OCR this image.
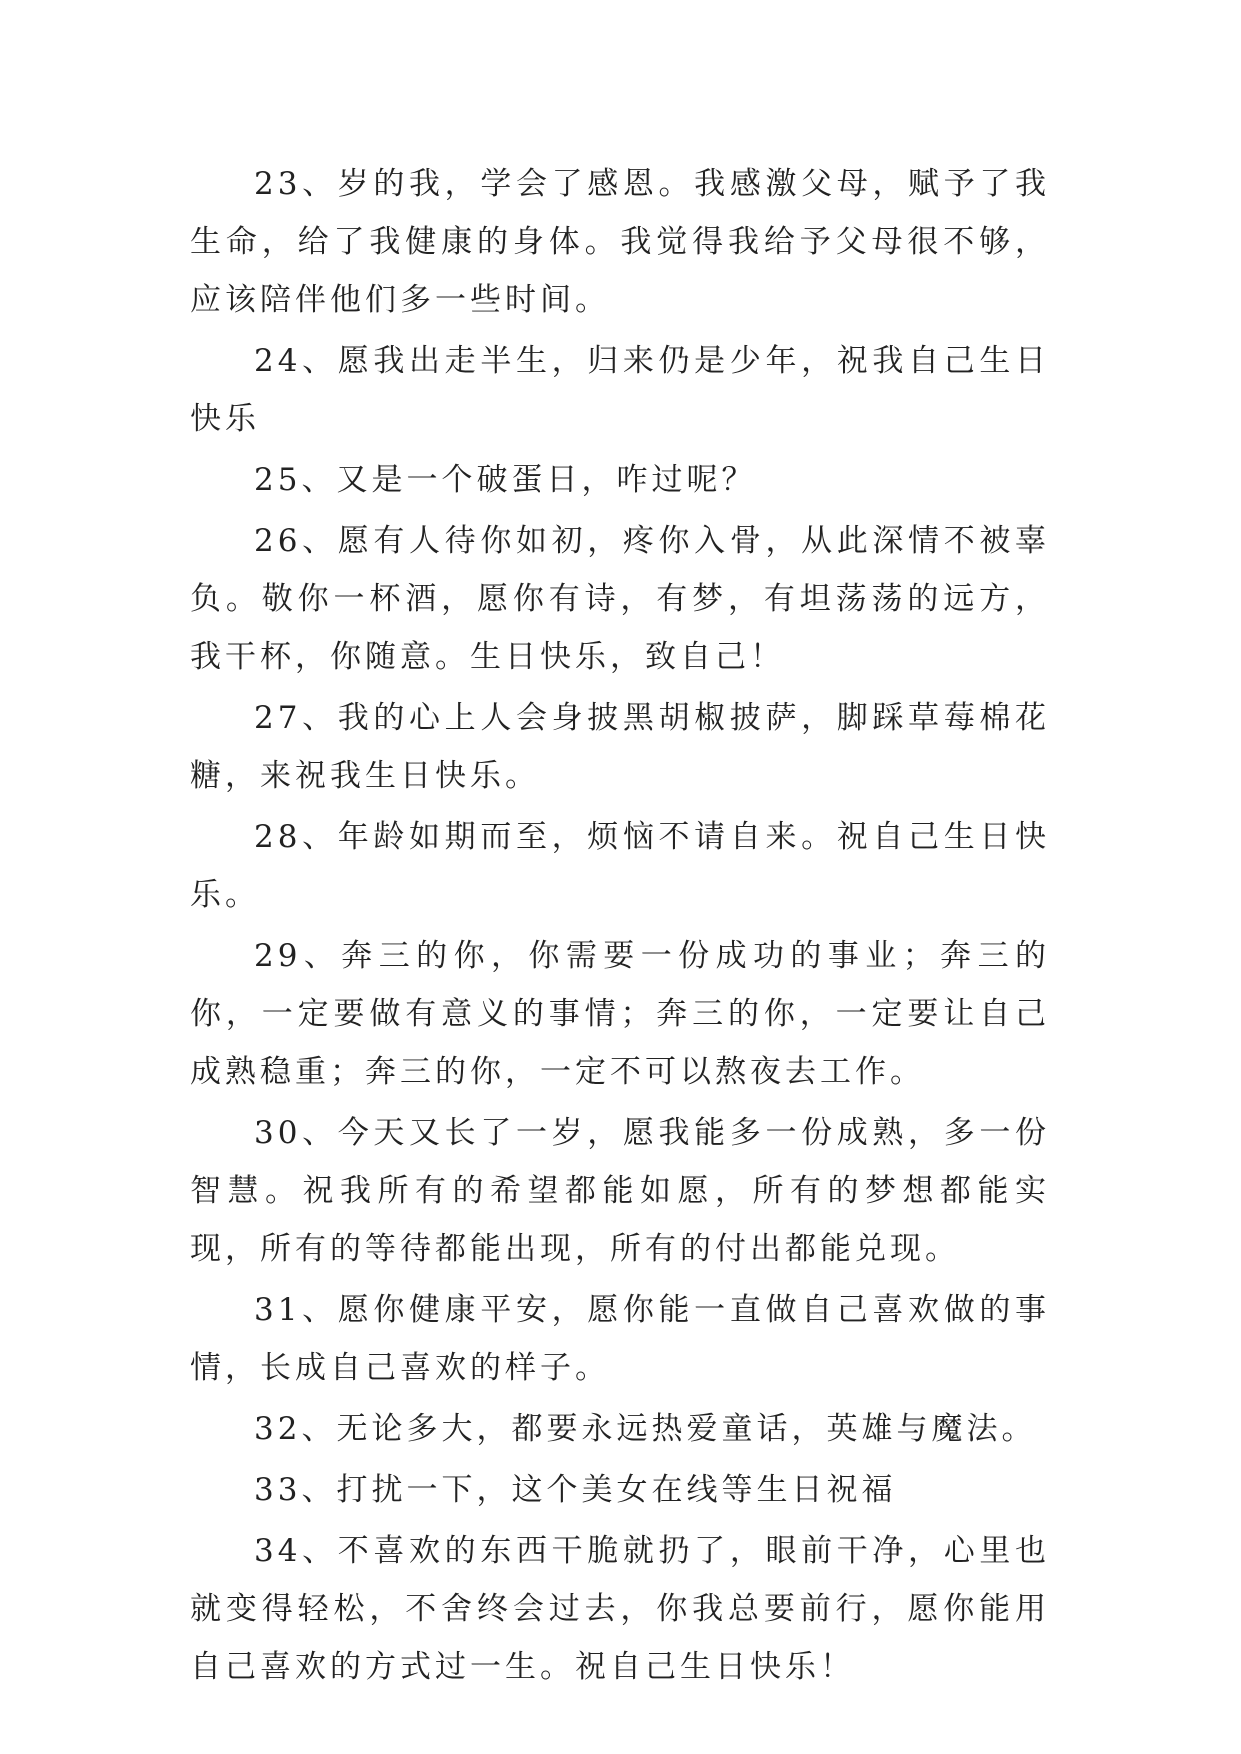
23、岁的我，学会了感恩。我感激父母，赋予了我生命，给了我健康的身体。我觉得我给予父母很不够，应该陪伴他们多一些时间。

24、愿我出走半生，归来仍是少年，祝我自己生日快乐

25、又是一个破蛋日，咋过呢？

26、愿有人待你如初，疼你入骨，从此深情不被辜负。敬你一杯酒，愿你有诗，有梦，有坦荡荡的远方，我干杯，你随意。生日快乐，致自己！

27、我的心上人会身披黑胡椒披萨，脚踩草莓棉花糖，来祝我生日快乐。

28、年龄如期而至，烦恼不请自来。祝自己生日快乐。

29、奔三的你，你需要一份成功的事业；奔三的你，一定要做有意义的事情；奔三的你，一定要让自己成熟稳重；奔三的你，一定不可以熬夜去工作。

30、今天又长了一岁，愿我能多一份成熟，多一份智慧。祝我所有的希望都能如愿，所有的梦想都能实现，所有的等待都能出现，所有的付出都能兑现。

31、愿你健康平安，愿你能一直做自己喜欢做的事情，长成自己喜欢的样子。

32、无论多大，都要永远热爱童话，英雄与魔法。

33、打扰一下，这个美女在线等生日祝福

34、不喜欢的东西干脆就扔了，眼前干净，心里也就变得轻松，不舍终会过去，你我总要前行，愿你能用自己喜欢的方式过一生。祝自己生日快乐！
